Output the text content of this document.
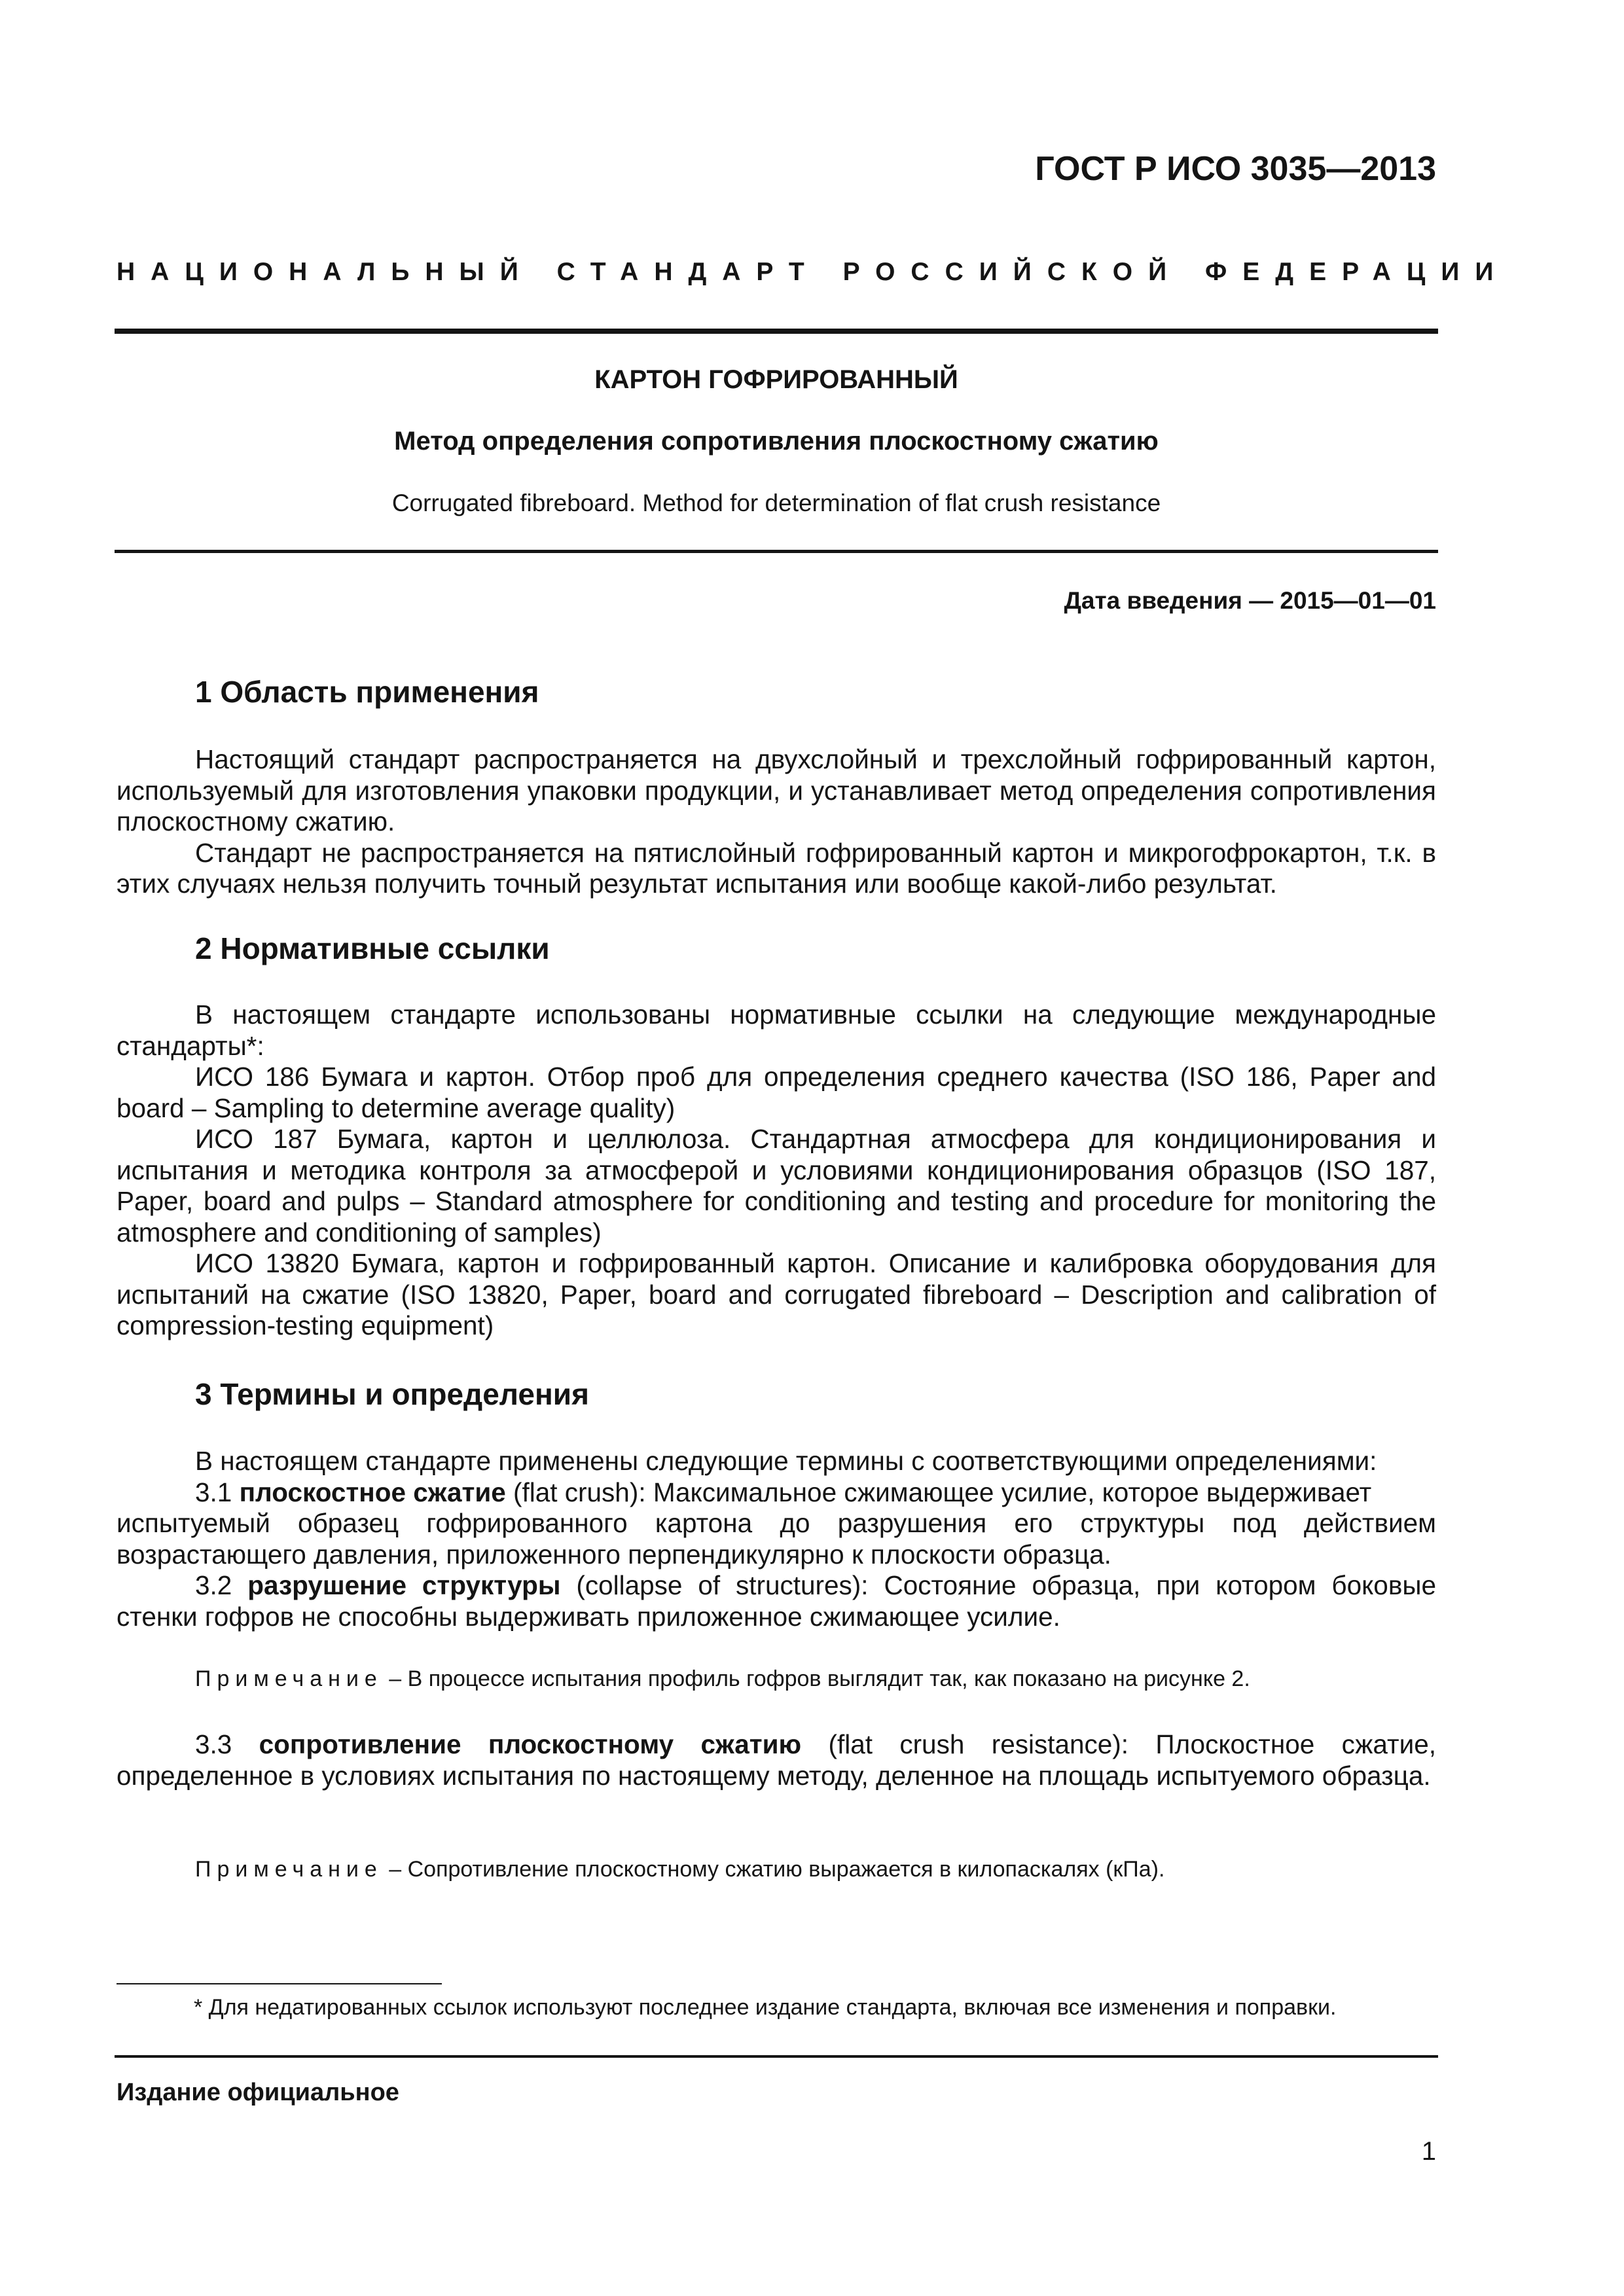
ГОСТ Р ИСО 3035—2013
НАЦИОНАЛЬНЫЙ СТАНДАРТ РОССИЙСКОЙ ФЕДЕРАЦИИ
КАРТОН ГОФРИРОВАННЫЙ
Метод определения сопротивления плоскостному сжатию
Corrugated fibreboard. Method for determination of flat crush resistance
Дата введения — 2015—01—01
1 Область применения

Настоящий стандарт распространяется на двухслойный и трехслойный гофрированный картон, используемый для изготовления упаковки продукции, и устанавливает метод определения сопротивления плоскостному сжатию.

Стандарт не распространяется на пятислойный гофрированный картон и микрогофрокартон, т.к. в этих случаях нельзя получить точный результат испытания или вообще какой-либо результат.

2 Нормативные ссылки

В настоящем стандарте использованы нормативные ссылки на следующие международные стандарты*:

ИСО 186 Бумага и картон. Отбор проб для определения среднего качества (ISO 186, Paper and board – Sampling to determine average quality)

ИСО 187 Бумага, картон и целлюлоза. Стандартная атмосфера для кондиционирования и испытания и методика контроля за атмосферой и условиями кондиционирования образцов (ISO 187, Paper, board and pulps – Standard atmosphere for conditioning and testing and procedure for monitoring the atmosphere and conditioning of samples)

ИСО 13820 Бумага, картон и гофрированный картон. Описание и калибровка оборудования для испытаний на сжатие (ISO 13820, Paper, board and corrugated fibreboard – Description and calibration of compression-testing equipment)

3 Термины и определения

В настоящем стандарте применены следующие термины с соответствующими определениями:

3.1 плоскостное сжатие (flat crush): Максимальное сжимающее усилие, которое выдерживает

испытуемый образец гофрированного картона до разрушения его структуры под действием возрастающего давления, приложенного перпендикулярно к плоскости образца.

3.2 разрушение структуры (collapse of structures): Состояние образца, при котором боковые стенки гофров не способны выдерживать приложенное сжимающее усилие.

Примечание – В процессе испытания профиль гофров выглядит так, как показано на рисунке 2.

3.3 сопротивление плоскостному сжатию (flat crush resistance): Плоскостное сжатие, определенное в условиях испытания по настоящему методу, деленное на площадь испытуемого образца.

Примечание – Сопротивление плоскостному сжатию выражается в килопаскалях (кПа).

* Для недатированных ссылок используют последнее издание стандарта, включая все изменения и поправки.

Издание официальное
1
